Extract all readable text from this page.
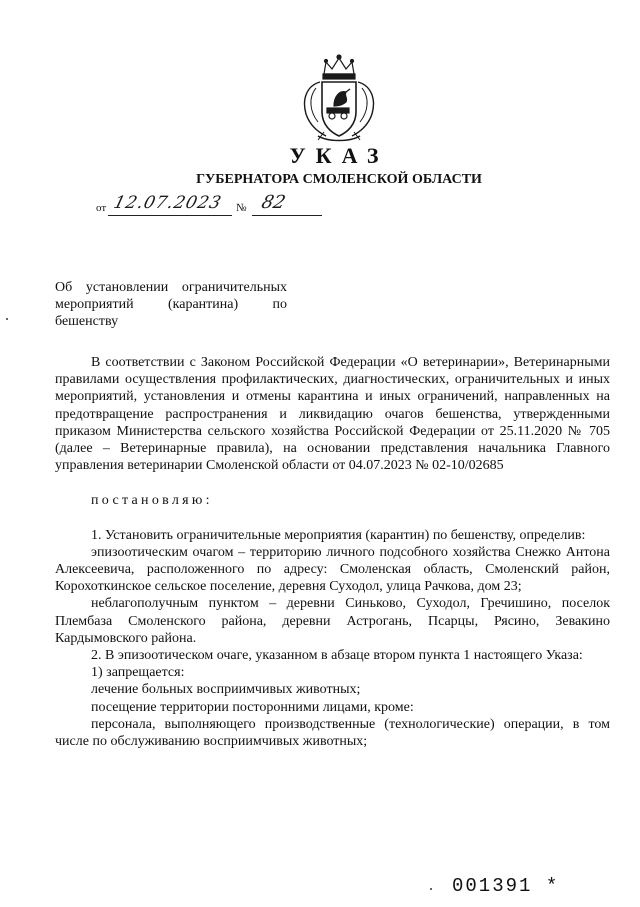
УКАЗ
ГУБЕРНАТОРА СМОЛЕНСКОЙ ОБЛАСТИ
от 12.07.2023 № 82
Об установлении ограничительных
мероприятий (карантина) по
бешенству
В соответствии с Законом Российской Федерации «О ветеринарии», Ветеринарными правилами осуществления профилактических, диагностических, ограничительных и иных мероприятий, установления и отмены карантина и иных ограничений, направленных на предотвращение распространения и ликвидацию очагов бешенства, утвержденными приказом Министерства сельского хозяйства Российской Федерации от 25.11.2020 № 705 (далее – Ветеринарные правила), на основании представления начальника Главного управления ветеринарии Смоленской области от 04.07.2023 № 02-10/02685
постановляю:
1. Установить ограничительные мероприятия (карантин) по бешенству, определив:
эпизоотическим очагом – территорию личного подсобного хозяйства Снежко Антона Алексеевича, расположенного по адресу: Смоленская область, Смоленский район, Корохоткинское сельское поселение, деревня Суходол, улица Рачкова, дом 23;
неблагополучным пунктом – деревни Синьково, Суходол, Гречишино, поселок Плембаза Смоленского района, деревни Астрогань, Псарцы, Рясино, Зевакино Кардымовского района.
2. В эпизоотическом очаге, указанном в абзаце втором пункта 1 настоящего Указа:
1) запрещается:
лечение больных восприимчивых животных;
посещение территории посторонними лицами, кроме:
персонала, выполняющего производственные (технологические) операции, в том числе по обслуживанию восприимчивых животных;
001391 *
